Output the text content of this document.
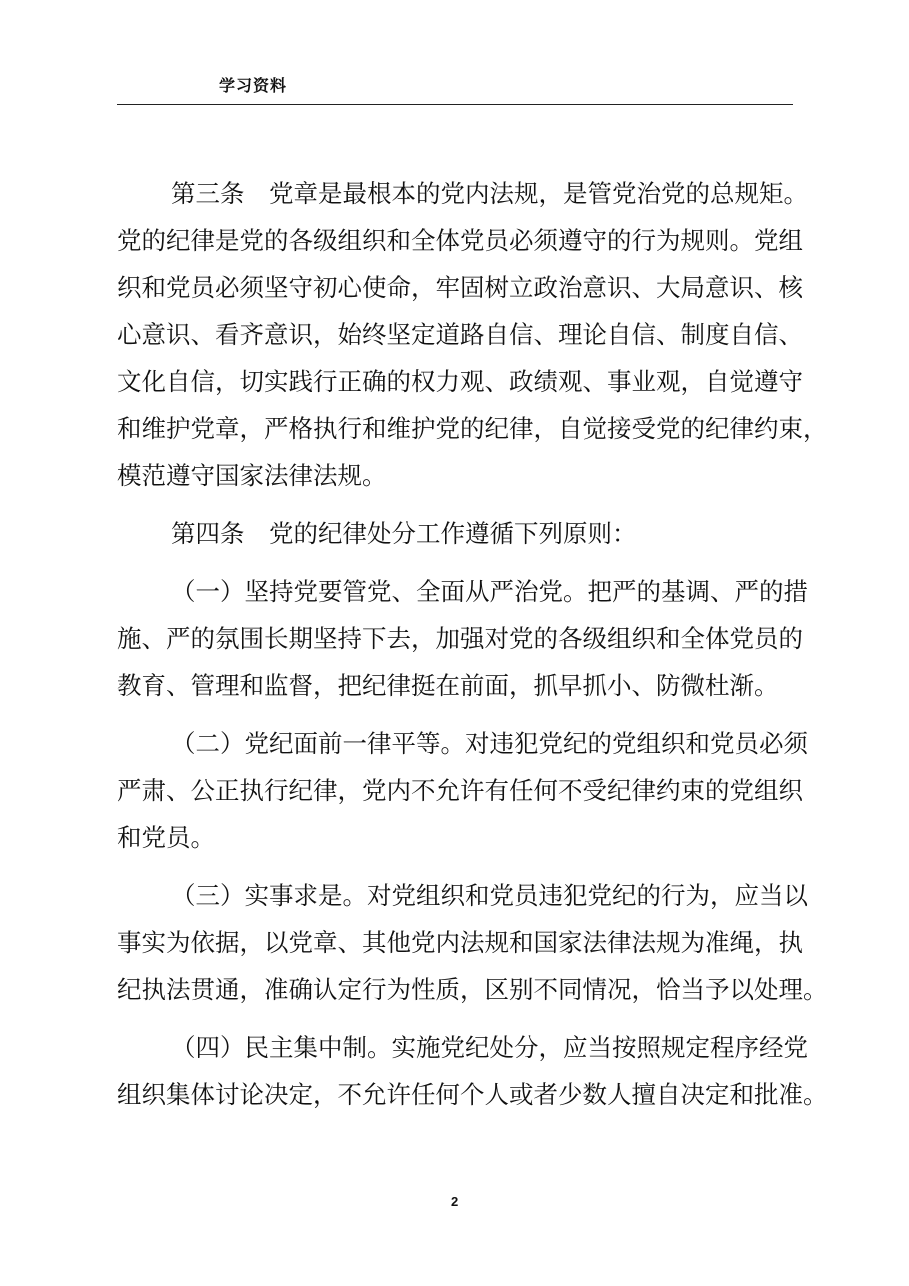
学习资料
第三条　党章是最根本的党内法规，是管党治党的总规矩。
党的纪律是党的各级组织和全体党员必须遵守的行为规则。党组
织和党员必须坚守初心使命，牢固树立政治意识、大局意识、核
心意识、看齐意识，始终坚定道路自信、理论自信、制度自信、
文化自信，切实践行正确的权力观、政绩观、事业观，自觉遵守
和维护党章，严格执行和维护党的纪律，自觉接受党的纪律约束，
模范遵守国家法律法规。
第四条　党的纪律处分工作遵循下列原则：
（一）坚持党要管党、全面从严治党。把严的基调、严的措
施、严的氛围长期坚持下去，加强对党的各级组织和全体党员的
教育、管理和监督，把纪律挺在前面，抓早抓小、防微杜渐。
（二）党纪面前一律平等。对违犯党纪的党组织和党员必须
严肃、公正执行纪律，党内不允许有任何不受纪律约束的党组织
和党员。
（三）实事求是。对党组织和党员违犯党纪的行为，应当以
事实为依据，以党章、其他党内法规和国家法律法规为准绳，执
纪执法贯通，准确认定行为性质，区别不同情况，恰当予以处理。
（四）民主集中制。实施党纪处分，应当按照规定程序经党
组织集体讨论决定，不允许任何个人或者少数人擅自决定和批准。
2
